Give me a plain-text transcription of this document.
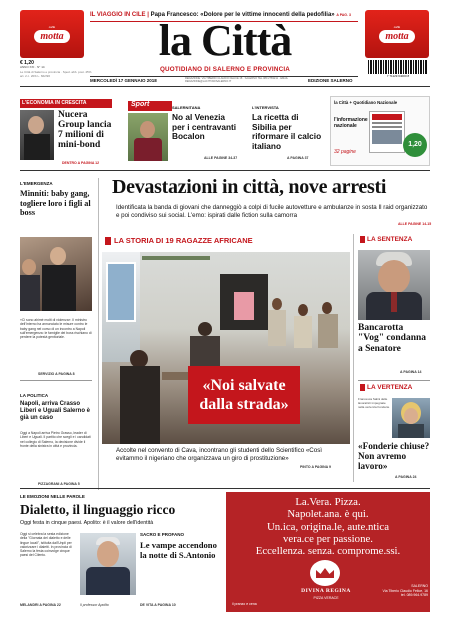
caffè
motta
caffè
motta
IL VIAGGIO IN CILE | Papa Francesco: «Dolore per le vittime innocenti della pedofilia» A PAG. 3
la Città
QUOTIDIANO DI SALERNO E PROVINCIA
€ 1,20
ANNO XXI · N° 14
Le Città di Salerno e provincia · Sped. abb. post. 45% art. 2 c. 20/b L. 662/96	7 71129 64000 8
MERCOLEDÌ 17 GENNAIO 2018	REDAZIONE: VIA TIBERIO CLAUDIO FELICE 18 · SALERNO TEL 089 2783211 · EMAIL REDAZIONE@LACITTADISALERNO.IT	EDIZIONE SALERNO
L'ECONOMIA IN CRESCITA
Nucera Group lancia 7 milioni di mini-bond
DENTRO A PAGINA 12
Sport	SALERNITANA
No al Venezia per i centravanti Bocalon
ALLE PAGINE 34-37
L'INTERVISTA
La ricetta di Sibilia per riformare il calcio italiano
A PAGINA 37
la Città + Quotidiano Nazionale
l'informazione nazionale
32 pagine
1,20
L'EMERGENZA
Minniti: baby gang, togliere loro i figli al boss
«Ci sono ahimè molti di violenza». Il ministro dell'Interno ha annunciato le misure contro le baby gang nel corso di un incontro a Napoli sull'emergenza: le famiglie dei boss rischiano di perdere la potestà genitoriale.
SERVIZIO A PAGINA 8
LA POLITICA
Napoli, arriva Crasso Liberi e Uguali Salerno è già un caso
Oggi a Napoli arriva Pietro Grasso, leader di Liberi e Uguali. Il partito che scegli e i candidati nel collegio di Salerno, la decisione divide il fronte della sinistra in città e provincia.
PIZZAGRANI A PAGINA 5
Devastazioni in città, nove arresti
Identificata la banda di giovani che danneggiò a colpi di fucile autovetture e ambulanze in sosta Il raid organizzato e poi condiviso sui social. L'emo: ispirati dalle fiction sulla camorra
ALLE PAGINE 14-15
LA STORIA DI 19 RAGAZZE AFRICANE
«Noi salvate dalla strada»
Accolte nel convento di Cava, incontrano gli studenti dello Scientifico «Così evitammo il nigeriano che organizzava un giro di prostituzione»
PINTO A PAGINA 9
LA SENTENZA
Bancarotta "Vog" condanna a Senatore
A PAGINA 14
LA VERTENZA
Francesca Salini delle lavoratrici impegnate nella vertenza Fonderie
«Fonderie chiuse? Non avremo lavoro»
A PAGINA 24
LE EMOZIONI NELLE PAROLE
Dialetto, il linguaggio ricco
Oggi festa in cinque paesi. Apolito: è il valore dell'identità
Oggi si celebra la sesta edizione della "Giornata del dialetto e delle lingue locali", istituita dall'Unpli per valorizzare i dialetti. In provincia di Salerno la festa coinvolge cinque paesi del Cilento.
SACRO E PROFANO
Le vampe accendono la notte di S.Antonio
MELANDRI A PAGINA 22	Il professor Apolito	DE VITA A PAGINA 10
La.Vera. Pizza.
Napolet.ana. è qui.
Un.ica, origina.le, aute.ntica
vera.ce per passione.
Eccellenza. senza. comprome.ssi.
DIVINA REGINA
PIZZA VERACE
il pranzo e cena
SALERNO
Via Tiberio Claudio Felice, 16
tel. 089.964.9789
